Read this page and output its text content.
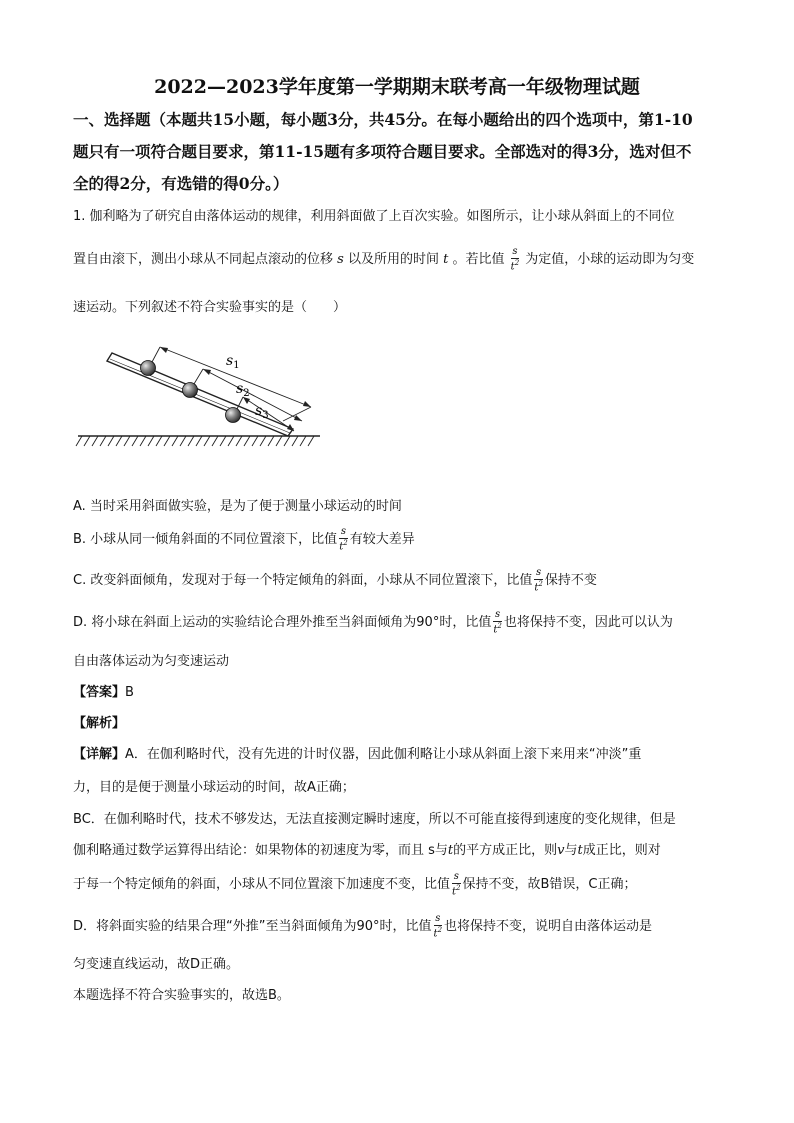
2022—2023学年度第一学期期末联考高一年级物理试题
一、选择题（本题共15小题，每小题3分，共45分。在每小题给出的四个选项中，第1-10
题只有一项符合题目要求，第11-15题有多项符合题目要求。全部选对的得3分，选对但不
全的得2分，有选错的得0分。）
1. 伽利略为了研究自由落体运动的规律，利用斜面做了上百次实验。如图所示，让小球从斜面上的不同位
置自由滚下，测出小球从不同起点滚动的位移 s 以及所用的时间 t 。若比值 $\frac{s}{t^2}$ 为定值，小球的运动即为匀变
速运动。下列叙述不符合实验事实的是（　　）
$s_1$
$s_2$
$s_3$
A. 当时采用斜面做实验，是为了便于测量小球运动的时间
B. 小球从同一倾角斜面的不同位置滚下，比值 $\frac{s}{t^2}$ 有较大差异
C. 改变斜面倾角，发现对于每一个特定倾角的斜面，小球从不同位置滚下，比值 $\frac{s}{t^2}$ 保持不变
D. 将小球在斜面上运动的实验结论合理外推至当斜面倾角为90°时，比值 $\frac{s}{t^2}$ 也将保持不变，因此可以认为
自由落体运动为匀变速运动
【答案】B
【解析】
【详解】A．在伽利略时代，没有先进的计时仪器，因此伽利略让小球从斜面上滚下来用来“冲淡”重
力，目的是便于测量小球运动的时间，故A正确；
BC．在伽利略时代，技术不够发达，无法直接测定瞬时速度，所以不可能直接得到速度的变化规律，但是
伽利略通过数学运算得出结论：如果物体的初速度为零，而且 s与t的平方成正比，则v与t成正比，则对
于每一个特定倾角的斜面，小球从不同位置滚下加速度不变，比值 $\frac{s}{t^2}$ 保持不变，故B错误，C正确；
D．将斜面实验的结果合理“外推”至当斜面倾角为90°时，比值 $\frac{s}{t^2}$ 也将保持不变，说明自由落体运动是
匀变速直线运动，故D正确。
本题选择不符合实验事实的，故选B。
